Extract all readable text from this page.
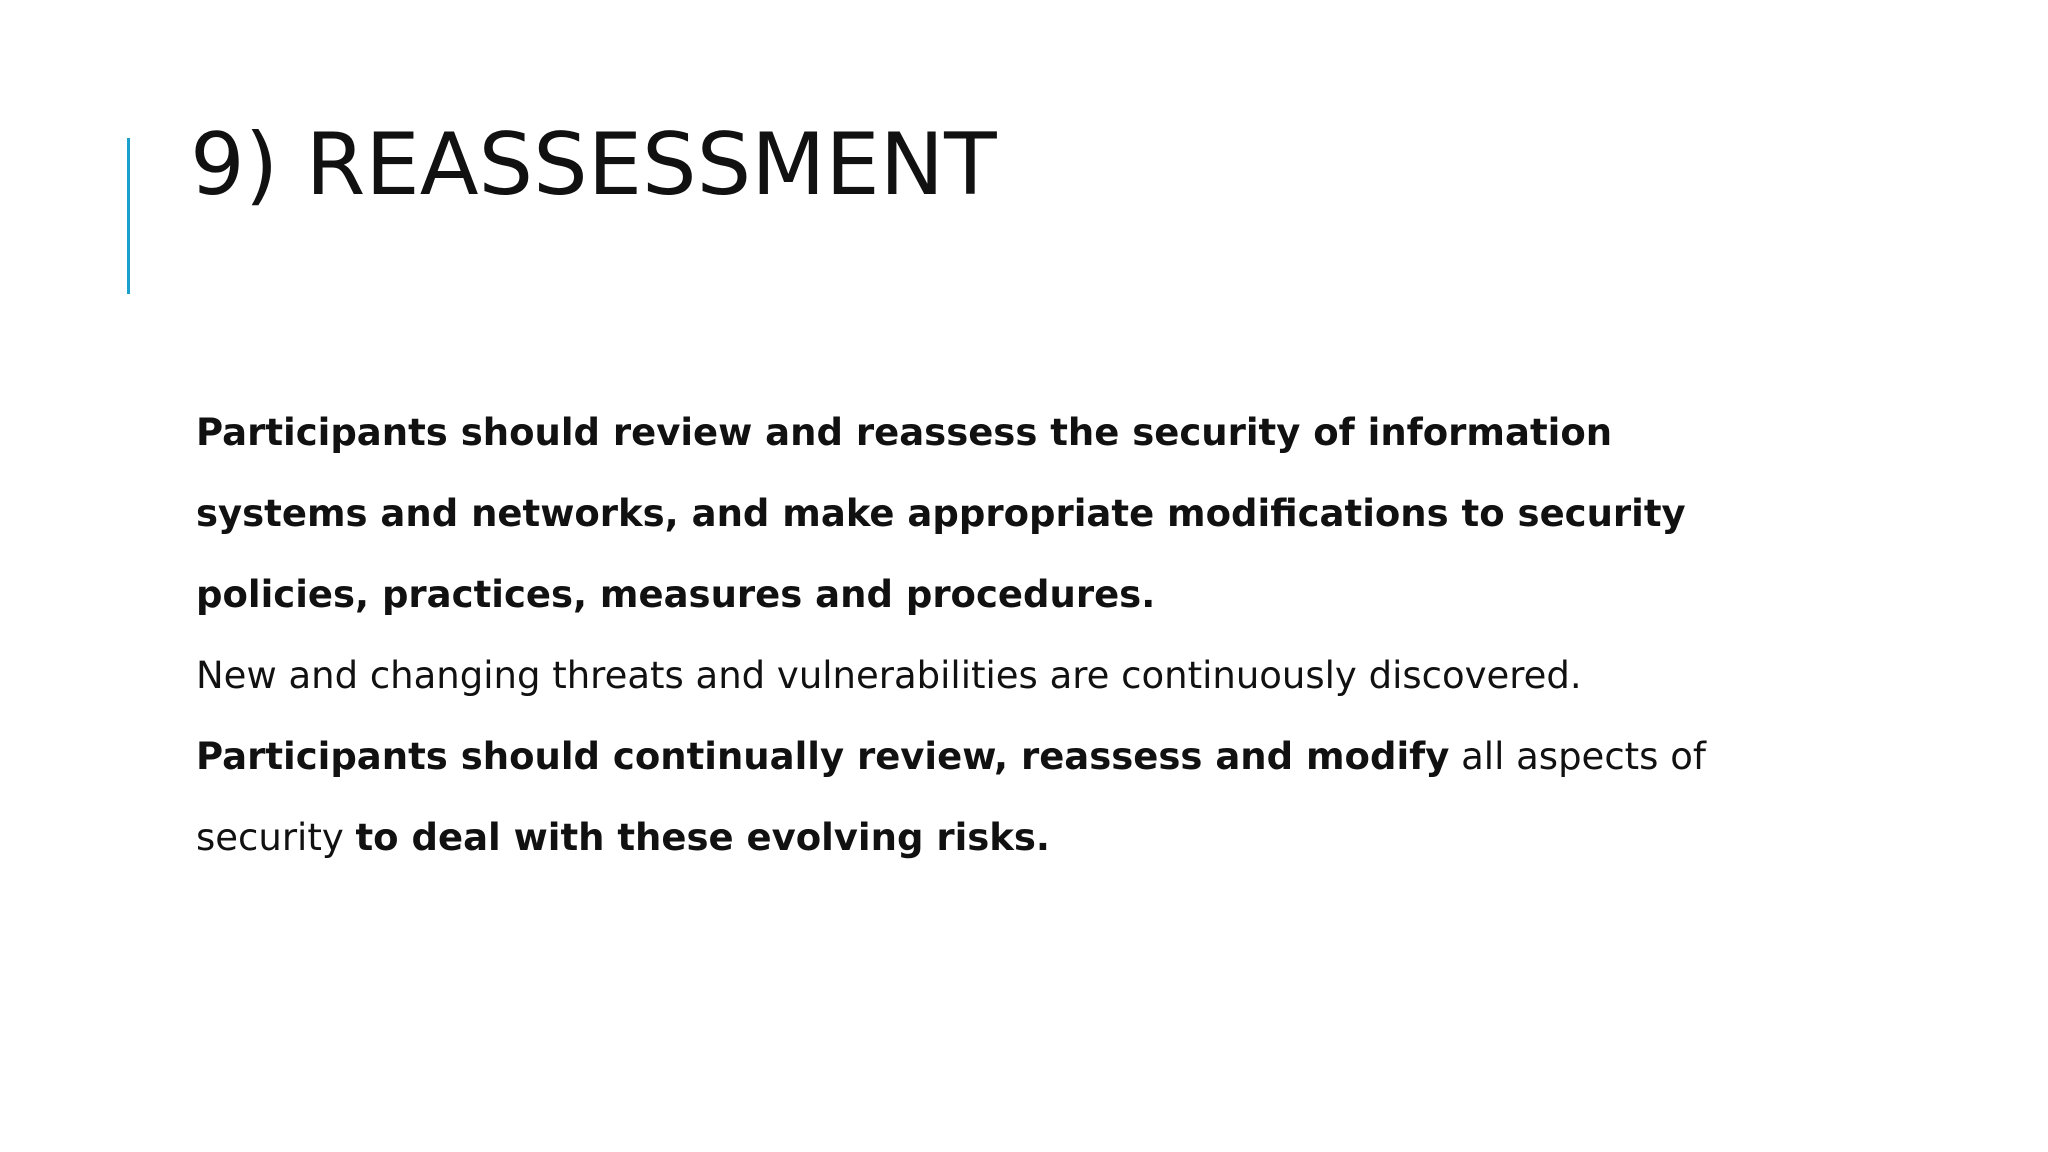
9) REASSESSMENT

Participants should review and reassess the security of information systems and networks, and make appropriate modifications to security policies, practices, measures and procedures.

New and changing threats and vulnerabilities are continuously discovered.

Participants should continually review, reassess and modify all aspects of security to deal with these evolving risks.
